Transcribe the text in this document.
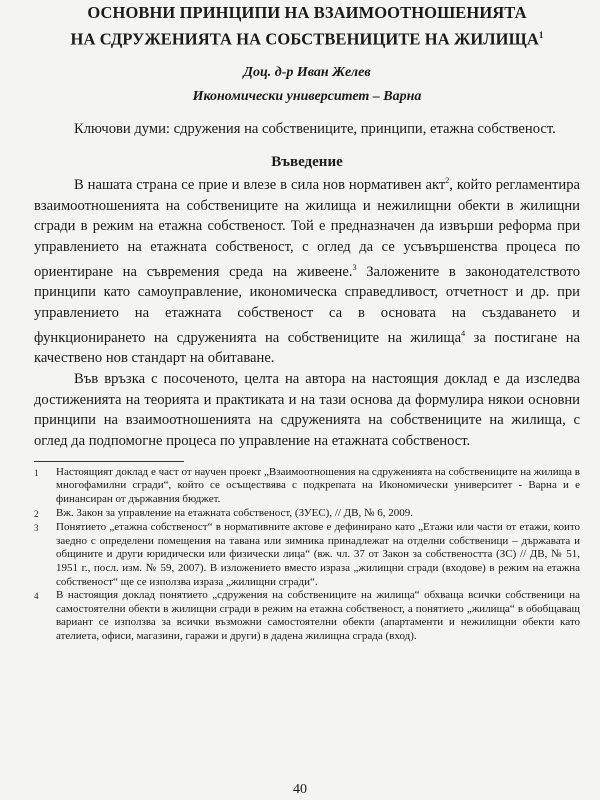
ОСНОВНИ ПРИНЦИПИ НА ВЗАИМООТНОШЕНИЯТА
НА СДРУЖЕНИЯТА НА СОБСТВЕНИЦИТЕ НА ЖИЛИЩА$^1$
Доц. д-р Иван Желев
Икономически университет – Варна

Ключови думи: сдружения на собствениците, принципи, етажна собственост.

Въведение

В нашата страна се прие и влезе в сила нов нормативен акт$^2$, който регламентира взаимоотношенията на собствениците на жилища и нежилищни обекти в жилищни сгради в режим на етажна собственост. Той е предназначен да извърши реформа при управлението на етажната собственост, с оглед да се усъвършенства процеса по ориентиране на съвремения среда на живеене.$^3$ Заложените в законодателството принципи като самоуправление, икономическа справедливост, отчетност и др. при управлението на етажната собственост са в основата на създаването и функционирането на сдруженията на собствениците на жилища$^4$ за постигане на качествено нов стандарт на обитаване.

Във връзка с посоченото, целта на автора на настоящия доклад е да изследва достиженията на теорията и практиката и на тази основа да формулира някои основни принципи на взаимоотношенията на сдруженията на собствениците на жилища, с оглед да подпомогне процеса по управление на етажната собственост.

1	Настоящият доклад е част от научен проект „Взаимоотношения на сдруженията на собствениците на жилища в многофамилни сгради“, който се осъществява с подкрепата на Икономически университет - Варна и е финансиран от държавния бюджет.
2	Вж. Закон за управление на етажната собственост, (ЗУЕС), // ДВ, № 6, 2009.
3	Понятието „етажна собственост“ в нормативните актове е дефинирано като „Етажи или части от етажи, които заедно с определени помещения на тавана или зимника принадлежат на отделни собственици – държавата и общините и други юридически или физически лица“ (вж. чл. 37 от Закон за собствеността (ЗС) // ДВ, № 51, 1951 г., посл. изм. № 59, 2007). В изложението вместо израза „жилищни сгради (входове) в режим на етажна собственост“ ще се използва израза „жилищни сгради“.
4	В настоящия доклад понятието „сдружения на собствениците на жилища“ обхваща всички собственици на самостоятелни обекти в жилищни сгради в режим на етажна собственост, а понятието „жилища“ в обобщаващ вариант се използва за всички възможни самостоятелни обекти (апартаменти и нежилищни обекти като ателиета, офиси, магазини, гаражи и други) в дадена жилищна сграда (вход).
40
